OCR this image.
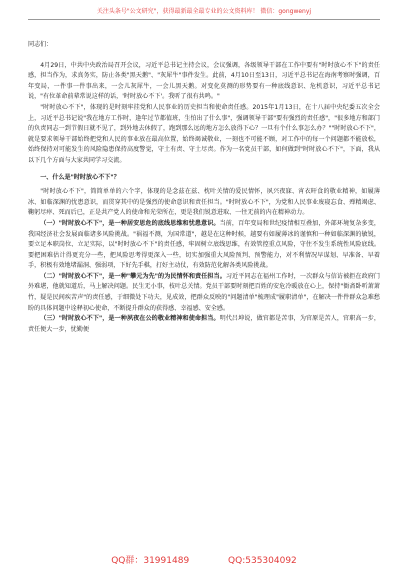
关注头条号"公文研究"，获得最新最全最专业的公文资料库！ 微信：gongwenyj

同志们：

4月29日，中共中央政治局召开会议，习近平总书记主持会议，会议强调，各级领导干部在工作中要有"时时放心不下"的责任感，担当作为，求真务实，防止各类"黑天鹅"、"灰犀牛"事件发生。此前，4月10日至13日，习近平总书记在海南考察时强调，百年变局，一件事一件事出来，一会儿灰犀牛，一会儿黑天鹅。对变化莫测的形势要有一种底线意识、危机意识，习近平总书记说，"有位革命前辈常说这样的话，'时时放心不下'。我听了很有共鸣。"

"时时放心不下"，体现的是时刻牢挂党和人民事业的历史担当和使命责任感。2015年1月13日，在十八届中央纪委五次全会上，习近平总书记说"我在地方工作时，逢年过节都值班，生怕出了什么事"，强调领导干部"要有强烈的责任感"，"很多地方和部门的负责同志一到节假日就不见了，到外地去休假了，跑到那么远的地方怎么放得下心？一旦有个什么事怎么办？""时时放心不下"，就是要求领导干部始终把党和人民的事业放在最高位置，始终竭诚敬业，一刻也不可能不顾，对工作中的每一个问题都不能放松，始终保持对可能发生的风险隐患保持高度警觉，守土有责、守土尽责。作为一名党员干部，如何做到"时时放心不下"，下面，我从以下几个方面与大家共同学习交流。

一、什么是"时时放心不下"？

"时时放心不下"，简简单单的六个字，体现的是念兹在兹、枕叶关情的爱民情怀，夙兴夜寐、宵衣旰食的敬业精神，如履薄冰、如临深渊的忧患意识，而贯穿其中的是强烈的使命意识和责任担当。"时时放心不下"，为党和人民事业废寝忘食、殚精竭虑、鞠躬尽瘁、死而后已，正是共产党人的使命和光荣所在，更是我们锐意进取、一往无前的内在精神动力。

（一）"时时放心不下"，是一种居安思危的底线思维和忧患意识。当前，百年变局和世纪疫情相互叠加，外部环境复杂多变，我国经济社会发展面临诸多风险挑战。"祸福不测，为国常道"，越是在这种时候，越要有如履薄冰的谨慎和一种如临深渊的敏锐，要立足本职岗位、立足实际，以"时时放心不下"的责任感，牢固树立底线思维，有效管控重点风险，守住不发生系统性风险底线。要把困难估计得更充分一些，把风险思考得更深入一些，切实加强重大风险预判、预警能力，对不利情况早谋划、早准备、早着手，积极有效地堵漏洞、强弱项，下好先手棋，打好主动仗，有效防范化解各类风险挑战。

（二）"时时放心不下"，是一种"攀元为先"的为民情怀和责任担当。习近平同志在福州工作时，一次群众与信访被拒在政府门外难堪，他就知道后，马上解决问题。民生无小事，枝叶总关情。党员干部要时刻把百姓的安危冷暖放在心上，保持"衙斋卧听萧萧竹，疑是民间疾苦声"的责任感，于细微处下功夫，见成效，把群众反映的"问题清单"梳理成"履职清单"，在解决一件件群众急难愁盼的具体问题中诠释初心使命，不断提升群众的获得感、幸福感、安全感。

（三）"时时放心不下"，是一种夙夜在公的敬业精神和使命担当。明代吕坤说，做官都是苦事，为官原是苦人，官职高一步，责任便大一步，忧勤便

QQ群：31991489	QQ:535304092
